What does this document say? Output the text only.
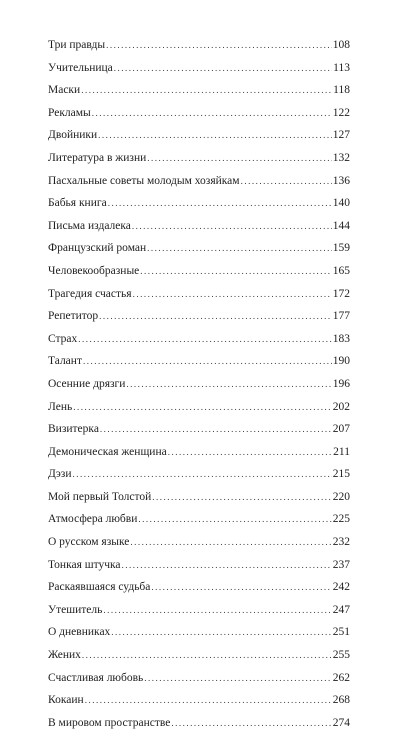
Три правды .....	108
Учительница .....	113
Маски .....	118
Рекламы .....	122
Двойники .....	127
Литература в жизни .....	132
Пасхальные советы молодым хозяйкам .....	136
Бабья книга .....	140
Письма издалека .....	144
Французский роман .....	159
Человекообразные .....	165
Трагедия счастья .....	172
Репетитор .....	177
Страх .....	183
Талант .....	190
Осенние дрязги .....	196
Лень .....	202
Визитерка .....	207
Демоническая женщина .....	211
Дэзи .....	215
Мой первый Толстой .....	220
Атмосфера любви .....	225
О русском языке .....	232
Тонкая штучка .....	237
Раскаявшаяся судьба .....	242
Утешитель .....	247
О дневниках .....	251
Жених .....	255
Счастливая любовь .....	262
Кокаин .....	268
В мировом пространстве .....	274
